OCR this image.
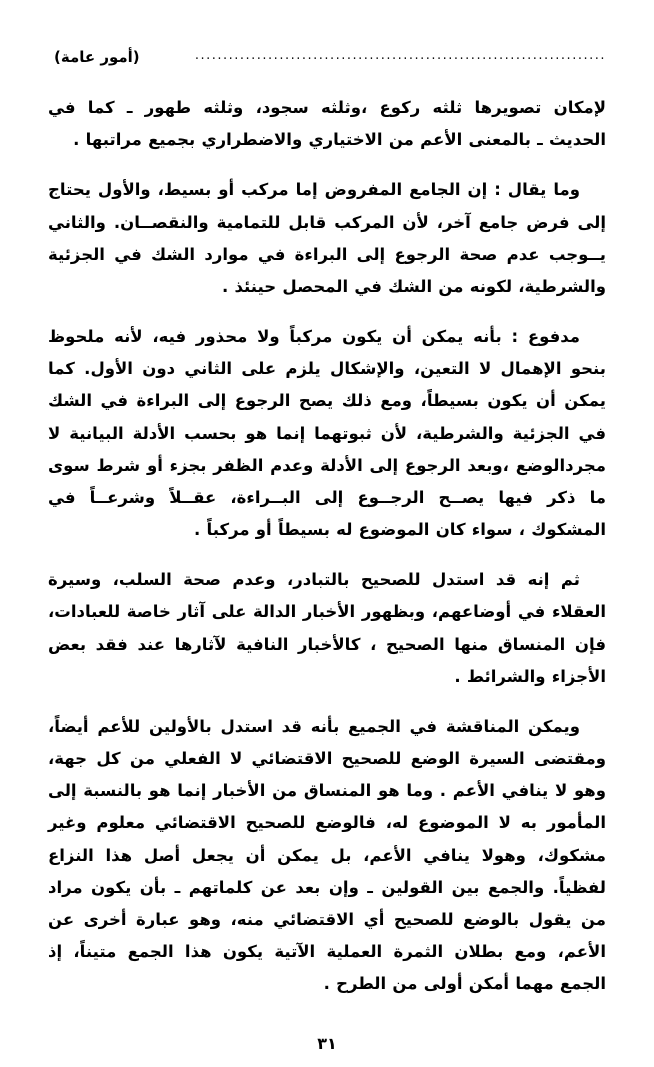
(أمور عامة)	.........................................................................

لإمكان تصويرها ثلثه ركوع ،وثلثه سجود، وثلثه طهور ـ كما في الحديث ـ بالمعنى الأعم من الاختياري والاضطراري بجميع مراتبها .

وما يقال : إن الجامع المفروض إما مركب أو بسيط، والأول يحتاج إلى فرض جامع آخر، لأن المركب قابل للتمامية والنقصــان. والثاني يــوجب عدم صحة الرجوع إلى البراءة في موارد الشك في الجزئية والشرطية، لكونه من الشك في المحصل حينئذ .

مدفوع : بأنه يمكن أن يكون مركباً ولا محذور فيه، لأنه ملحوظ بنحو الإهمال لا التعين، والإشكال يلزم على الثاني دون الأول. كما يمكن أن يكون بسيطاً، ومع ذلك يصح الرجوع إلى البراءة في الشك في الجزئية والشرطية، لأن ثبوتهما إنما هو بحسب الأدلة البيانية لا مجردالوضع ،وبعد الرجوع إلى الأدلة وعدم الظفر بجزء أو شرط سوى ما ذكر فيها يصــح الرجــوع إلى البــراءة، عقــلاً وشرعــاً في المشكوك ، سواء كان الموضوع له بسيطاً أو مركباً .

ثم إنه قد استدل للصحيح بالتبادر، وعدم صحة السلب، وسيرة العقلاء في أوضاعهم، وبظهور الأخبار الدالة على آثار خاصة للعبادات، فإن المنساق منها الصحيح ، كالأخبار النافية لآثارها عند فقد بعض الأجزاء والشرائط .

ويمكن المناقشة في الجميع بأنه قد استدل بالأولين للأعم أيضاً، ومقتضى السيرة الوضع للصحيح الاقتضائي لا الفعلي من كل جهة، وهو لا ينافي الأعم . وما هو المنساق من الأخبار إنما هو بالنسبة إلى المأمور به لا الموضوع له، فالوضع للصحيح الاقتضائي معلوم وغير مشكوك، وهولا ينافي الأعم، بل يمكن أن يجعل أصل هذا النزاع لفظياً. والجمع بين القولين ـ وإن بعد عن كلماتهم ـ بأن يكون مراد من يقول بالوضع للصحيح أي الاقتضائي منه، وهو عبارة أخرى عن الأعم، ومع بطلان الثمرة العملية الآتية يكون هذا الجمع متيناً، إذ الجمع مهما أمكن أولى من الطرح .

٣١
